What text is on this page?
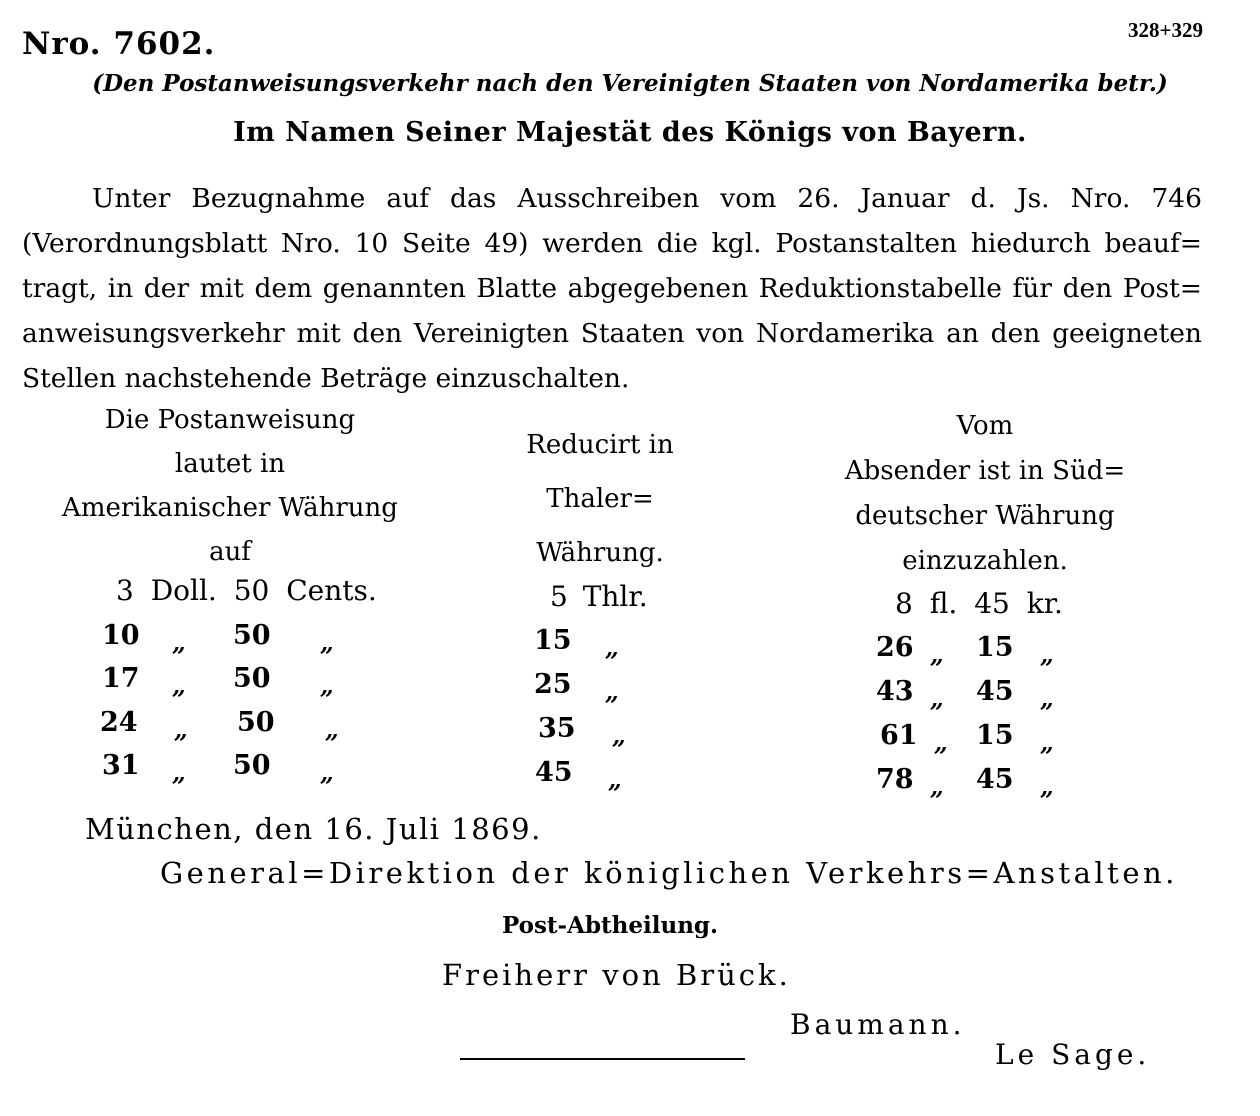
Nro. 7602.	328+329
(Den Postanweisungsverkehr nach den Vereinigten Staaten von Nordamerika betr.)
Im Namen Seiner Majestät des Königs von Bayern.
Unter Bezugnahme auf das Ausschreiben vom 26. Januar d. Js. Nro. 746
(Verordnungsblatt Nro. 10 Seite 49) werden die kgl. Postanstalten hiedurch beauf=
tragt, in der mit dem genannten Blatte abgegebenen Reduktionstabelle für den Post=
anweisungsverkehr mit den Vereinigten Staaten von Nordamerika an den geeigneten
Stellen nachstehende Beträge einzuschalten.
Die Postanweisung
lautet in
Amerikanischer Währung
auf
Reducirt in
Thaler=
Währung.
Vom
Absender ist in Süd=
deutscher Währung
einzuzahlen.
3 Doll. 50 Cents.	5 Thlr.	8 fl. 45 kr.
10 „ 50 „	15 „	26 „ 15 „
17 „ 50 „	25 „	43 „ 45 „
24 „ 50 „	35 „	61 „ 15 „
31 „ 50 „	45 „	78 „ 45 „
München, den 16. Juli 1869.
General=Direktion der königlichen Verkehrs=Anstalten.
Post-Abtheilung.
Freiherr von Brück.
Baumann.
Le Sage.
